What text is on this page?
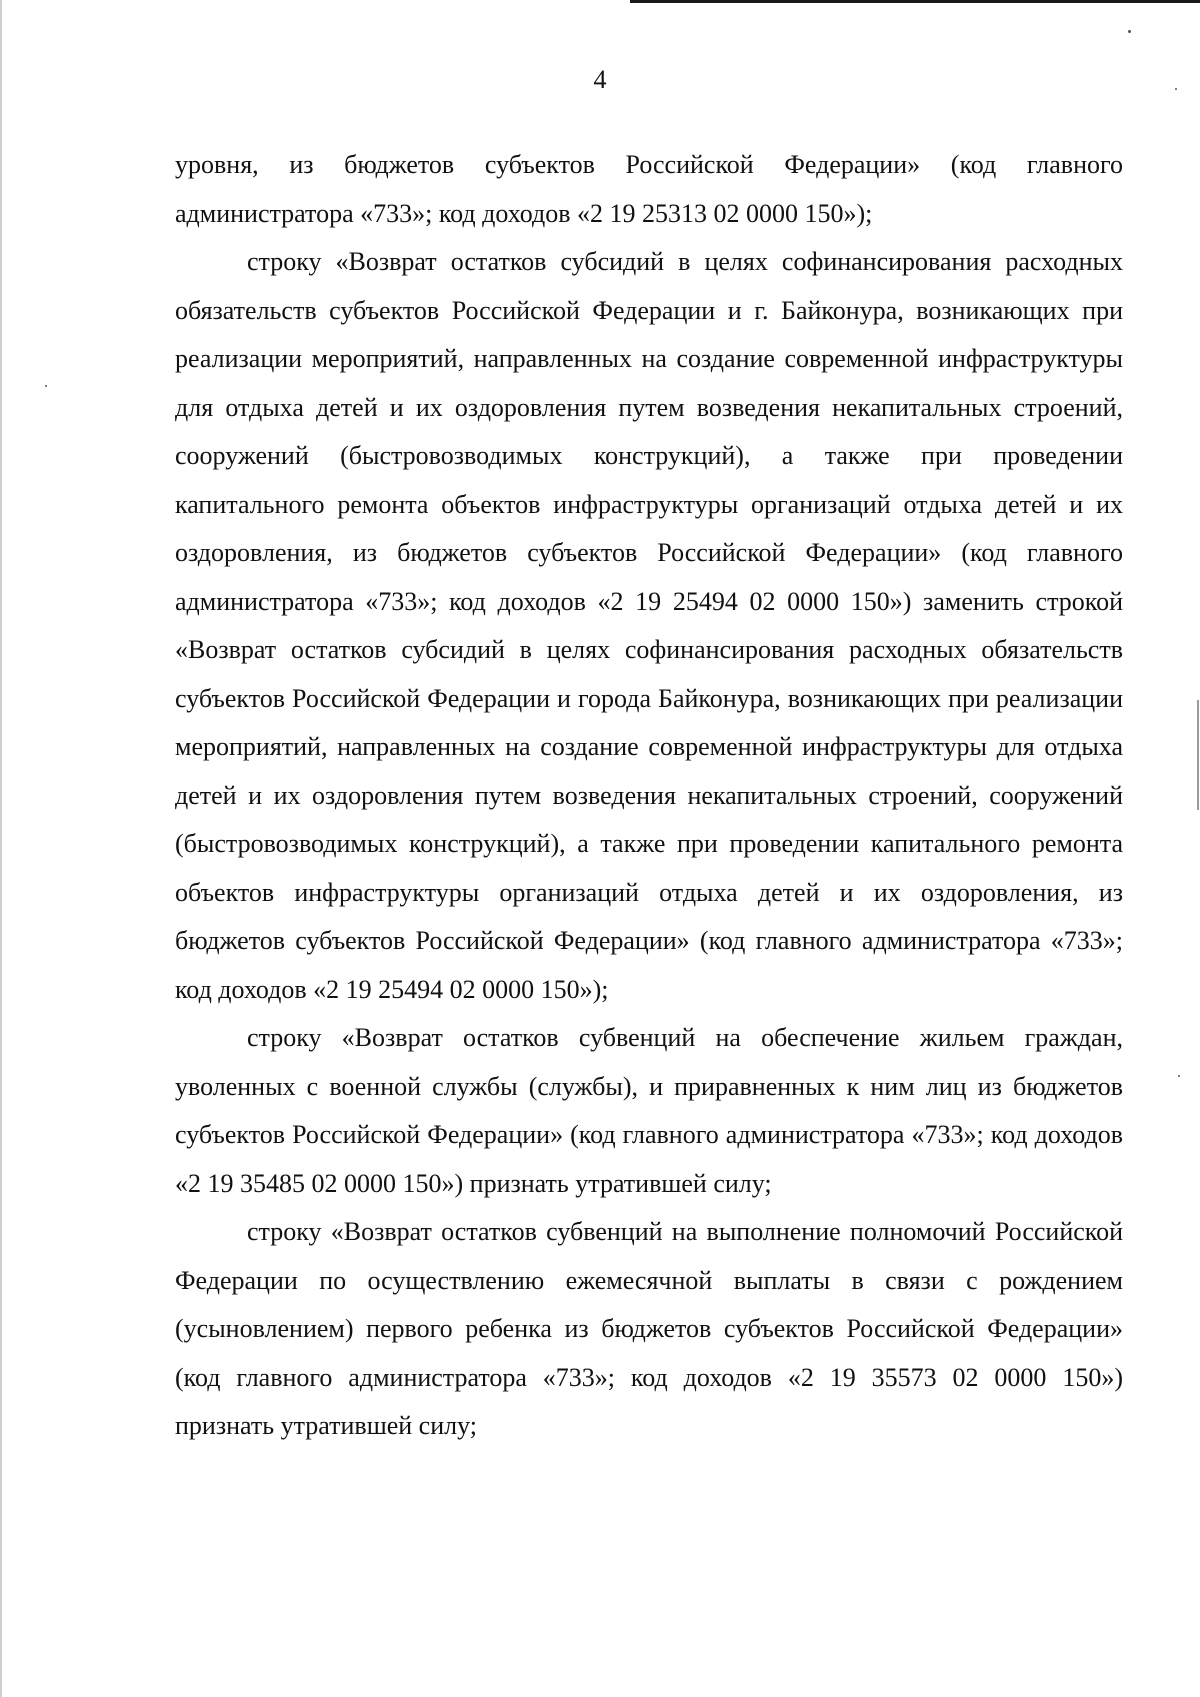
4

уровня, из бюджетов субъектов Российской Федерации» (код главного администратора «733»; код доходов «2 19 25313 02 0000 150»);

строку «Возврат остатков субсидий в целях софинансирования расходных обязательств субъектов Российской Федерации и г. Байконура, возникающих при реализации мероприятий, направленных на создание современной инфраструктуры для отдыха детей и их оздоровления путем возведения некапитальных строений, сооружений (быстровозводимых конструкций), а также при проведении капитального ремонта объектов инфраструктуры организаций отдыха детей и их оздоровления, из бюджетов субъектов Российской Федерации» (код главного администратора «733»; код доходов «2 19 25494 02 0000 150») заменить строкой «Возврат остатков субсидий в целях софинансирования расходных обязательств субъектов Российской Федерации и города Байконура, возникающих при реализации мероприятий, направленных на создание современной инфраструктуры для отдыха детей и их оздоровления путем возведения некапитальных строений, сооружений (быстровозводимых конструкций), а также при проведении капитального ремонта объектов инфраструктуры организаций отдыха детей и их оздоровления, из бюджетов субъектов Российской Федерации» (код главного администратора «733»; код доходов «2 19 25494 02 0000 150»);

строку «Возврат остатков субвенций на обеспечение жильем граждан, уволенных с военной службы (службы), и приравненных к ним лиц из бюджетов субъектов Российской Федерации» (код главного администратора «733»; код доходов «2 19 35485 02 0000 150») признать утратившей силу;

строку «Возврат остатков субвенций на выполнение полномочий Российской Федерации по осуществлению ежемесячной выплаты в связи с рождением (усыновлением) первого ребенка из бюджетов субъектов Российской Федерации» (код главного администратора «733»; код доходов «2 19 35573 02 0000 150») признать утратившей силу;
